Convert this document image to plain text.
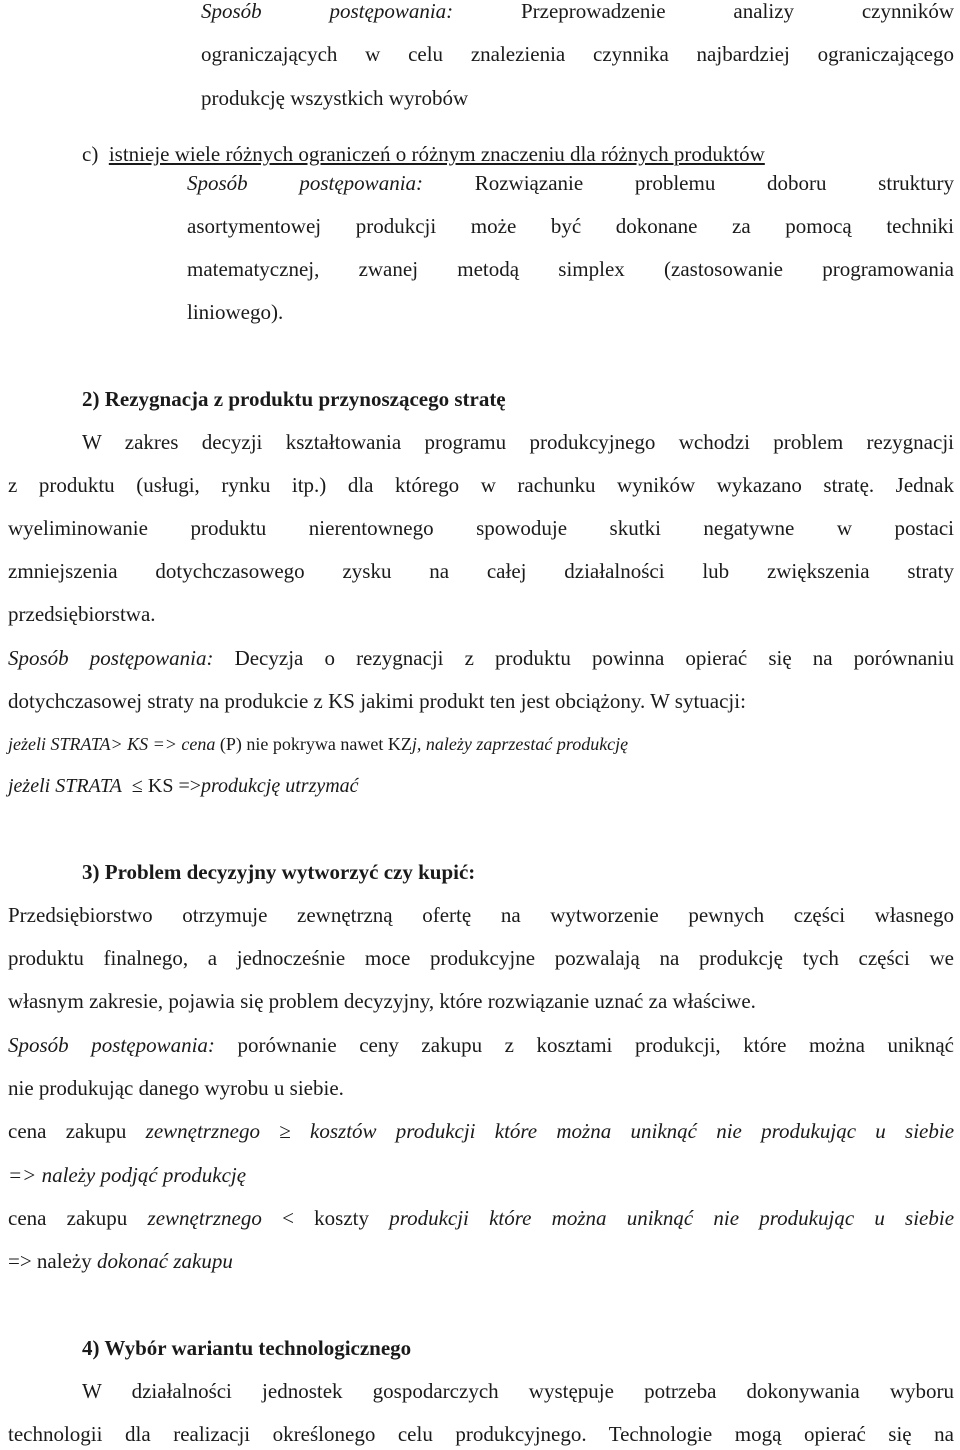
Sposób postępowania:	Przeprowadzenie analizy czynników
ograniczających w celu znalezienia czynnika najbardziej ograniczającego
produkcję wszystkich wyrobów
c) istnieje wiele różnych ograniczeń o różnym znaczeniu dla różnych produktów
Sposób postępowania: Rozwiązanie problemu doboru struktury
asortymentowej produkcji może być dokonane za pomocą techniki
matematycznej, zwanej metodą simplex (zastosowanie programowania
liniowego).
2) Rezygnacja z produktu przynoszącego stratę
W zakres decyzji kształtowania programu produkcyjnego wchodzi problem rezygnacji
z produktu (usługi, rynku itp.) dla którego w rachunku wyników wykazano stratę. Jednak
wyeliminowanie produktu nierentownego spowoduje skutki negatywne w postaci
zmniejszenia dotychczasowego zysku na całej działalności lub zwiększenia straty
przedsiębiorstwa.
Sposób postępowania: Decyzja o rezygnacji z produktu powinna opierać się na porównaniu
dotychczasowej straty na produkcie z KS jakimi produkt ten jest obciążony. W sytuacji:
jeżeli STRATA> KS => cena (P) nie pokrywa nawet KZj, należy zaprzestać produkcję
jeżeli STRATA ≤ KS =>produkcję utrzymać
3) Problem decyzyjny wytworzyć czy kupić:
Przedsiębiorstwo otrzymuje zewnętrzną ofertę na wytworzenie pewnych części własnego
produktu finalnego, a jednocześnie moce produkcyjne pozwalają na produkcję tych części we
własnym zakresie, pojawia się problem decyzyjny, które rozwiązanie uznać za właściwe.
Sposób postępowania: porównanie ceny zakupu z kosztami produkcji, które można uniknąć
nie produkując danego wyrobu u siebie.
cena zakupu zewnętrznego ≥ kosztów produkcji które można uniknąć nie produkując u siebie
=> należy podjąć produkcję
cena zakupu zewnętrznego < koszty produkcji które można uniknąć nie produkując u siebie
=> należy dokonać zakupu
4) Wybór wariantu technologicznego
W działalności jednostek gospodarczych występuje potrzeba dokonywania wyboru
technologii dla realizacji określonego celu produkcyjnego. Technologie mogą opierać się na
